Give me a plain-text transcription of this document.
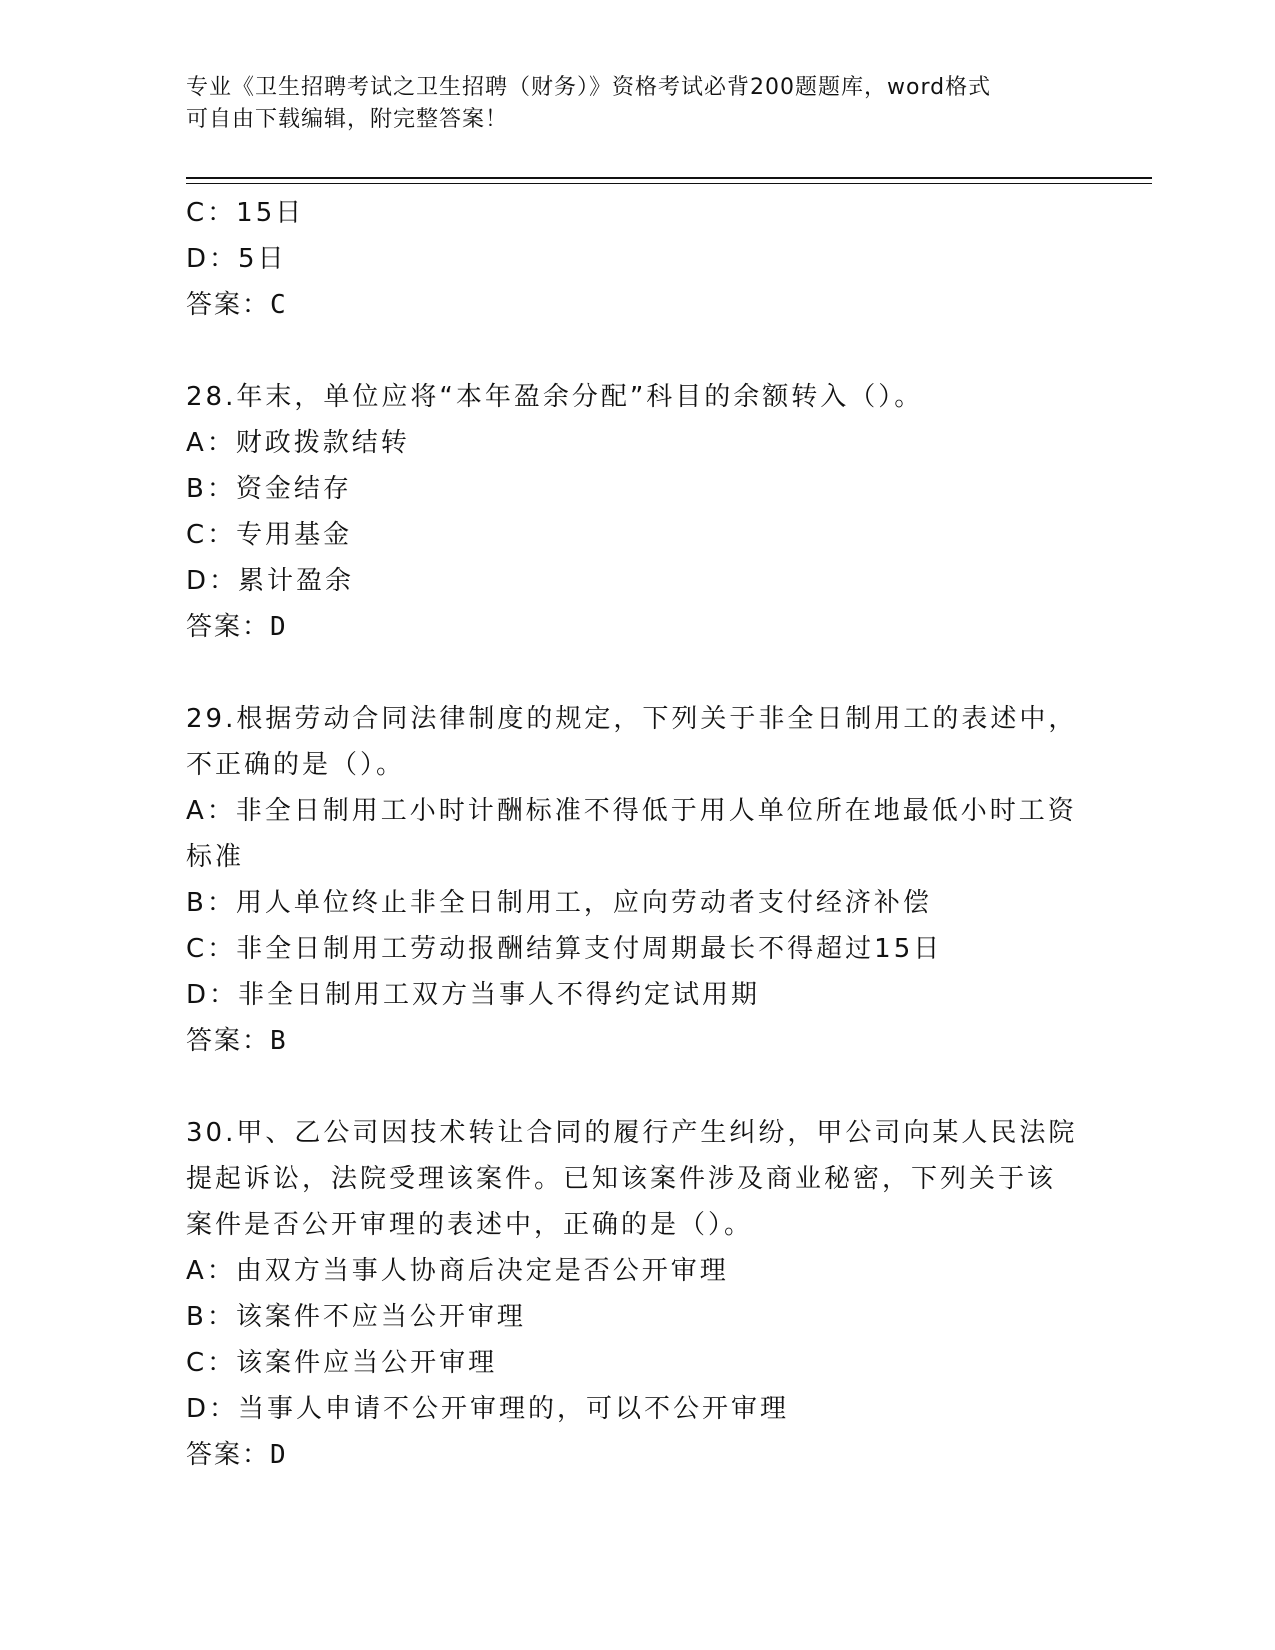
专业《卫生招聘考试之卫生招聘（财务）》资格考试必背200题题库，word格式
可自由下载编辑，附完整答案！
C：15日
D：5日
答案：C
28.年末，单位应将“本年盈余分配”科目的余额转入（）。
A：财政拨款结转
B：资金结存
C：专用基金
D：累计盈余
答案：D
29.根据劳动合同法律制度的规定，下列关于非全日制用工的表述中，
不正确的是（）。
A：非全日制用工小时计酬标准不得低于用人单位所在地最低小时工资
标准
B：用人单位终止非全日制用工，应向劳动者支付经济补偿
C：非全日制用工劳动报酬结算支付周期最长不得超过15日
D：非全日制用工双方当事人不得约定试用期
答案：B
30.甲、乙公司因技术转让合同的履行产生纠纷，甲公司向某人民法院
提起诉讼，法院受理该案件。已知该案件涉及商业秘密，下列关于该
案件是否公开审理的表述中，正确的是（）。
A：由双方当事人协商后决定是否公开审理
B：该案件不应当公开审理
C：该案件应当公开审理
D：当事人申请不公开审理的，可以不公开审理
答案：D
